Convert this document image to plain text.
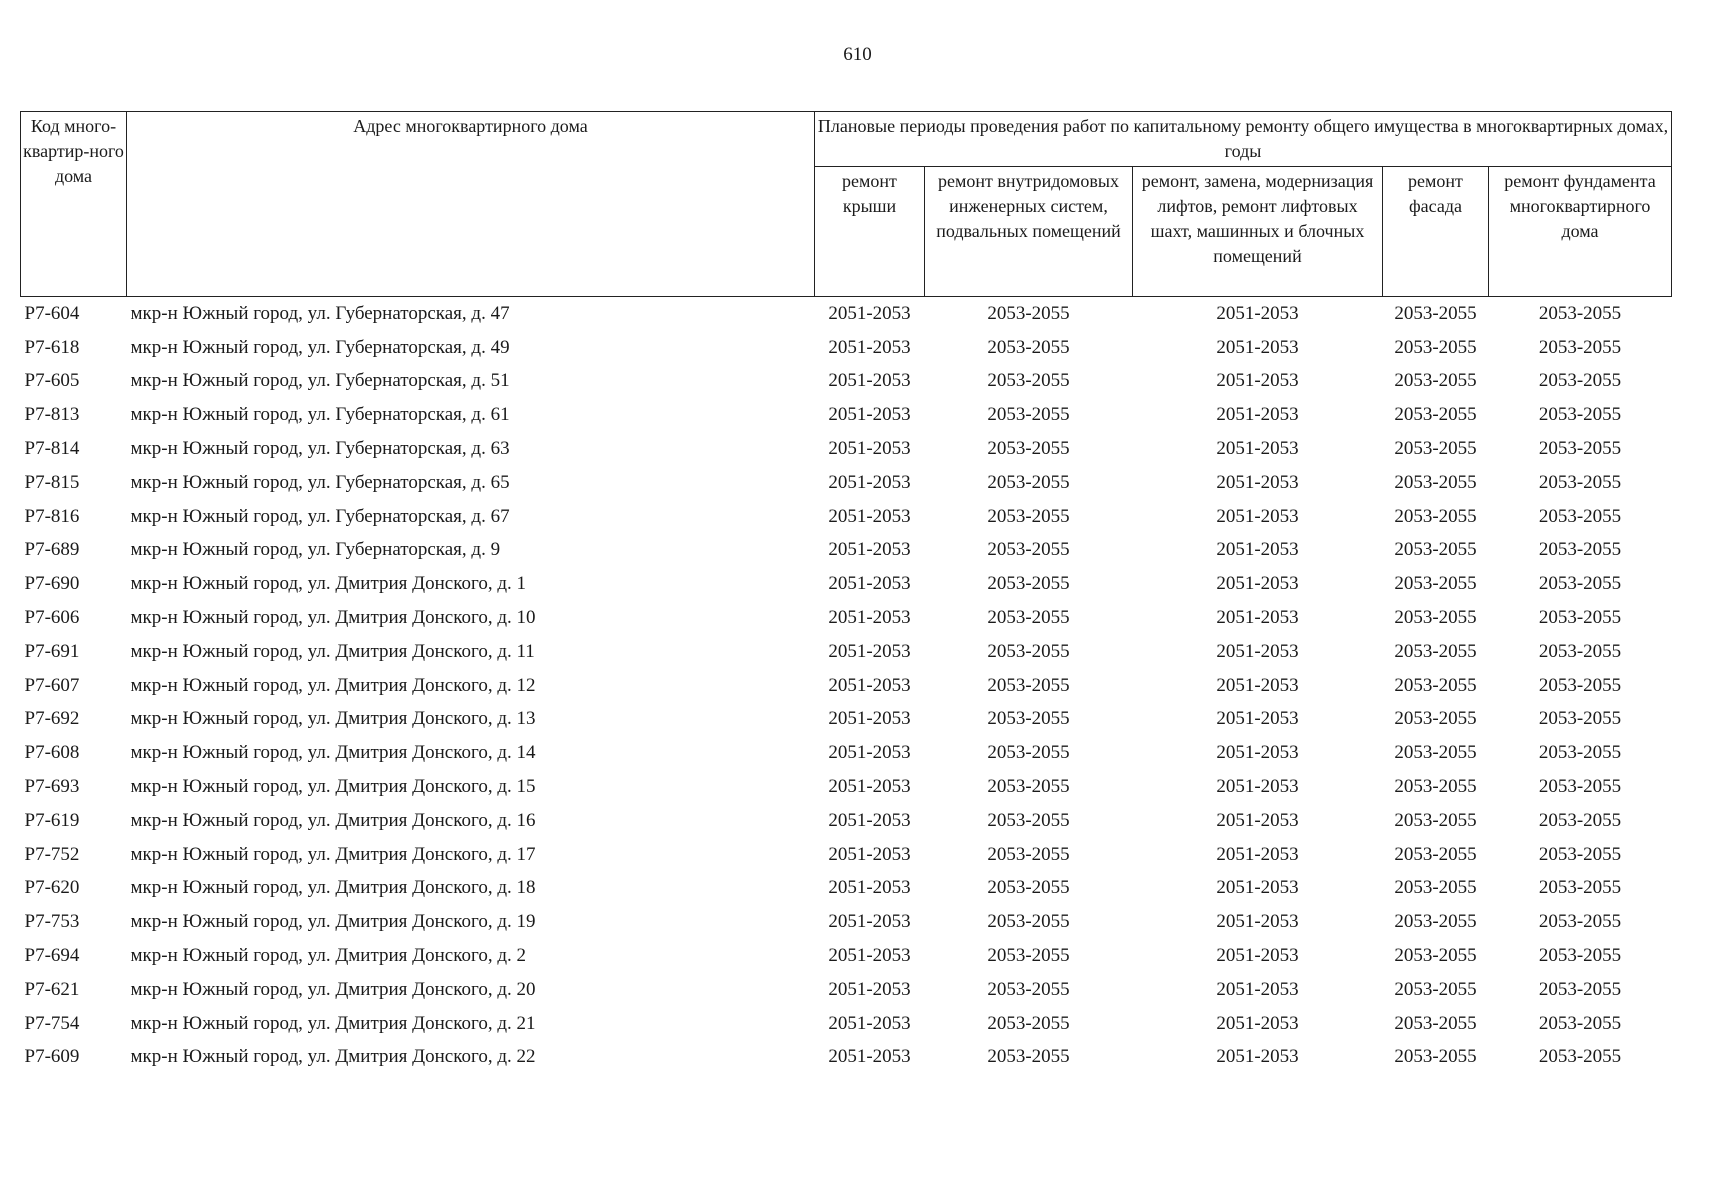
610
Код много-квартир-ного дома	Адрес многоквартирного дома	Плановые периоды проведения работ по капитальному ремонту общего имущества в многоквартирных домах, годы				
		ремонт крыши	ремонт внутридомовых инженерных систем, подвальных помещений	ремонт, замена, модернизация лифтов, ремонт лифтовых шахт, машинных и блочных помещений	ремонт фасада	ремонт фундамента многоквартирного дома
Р7-604	мкр-н Южный город, ул. Губернаторская, д. 47	2051-2053	2053-2055	2051-2053	2053-2055	2053-2055
Р7-618	мкр-н Южный город, ул. Губернаторская, д. 49	2051-2053	2053-2055	2051-2053	2053-2055	2053-2055
Р7-605	мкр-н Южный город, ул. Губернаторская, д. 51	2051-2053	2053-2055	2051-2053	2053-2055	2053-2055
Р7-813	мкр-н Южный город, ул. Губернаторская, д. 61	2051-2053	2053-2055	2051-2053	2053-2055	2053-2055
Р7-814	мкр-н Южный город, ул. Губернаторская, д. 63	2051-2053	2053-2055	2051-2053	2053-2055	2053-2055
Р7-815	мкр-н Южный город, ул. Губернаторская, д. 65	2051-2053	2053-2055	2051-2053	2053-2055	2053-2055
Р7-816	мкр-н Южный город, ул. Губернаторская, д. 67	2051-2053	2053-2055	2051-2053	2053-2055	2053-2055
Р7-689	мкр-н Южный город, ул. Губернаторская, д. 9	2051-2053	2053-2055	2051-2053	2053-2055	2053-2055
Р7-690	мкр-н Южный город, ул. Дмитрия Донского, д. 1	2051-2053	2053-2055	2051-2053	2053-2055	2053-2055
Р7-606	мкр-н Южный город, ул. Дмитрия Донского, д. 10	2051-2053	2053-2055	2051-2053	2053-2055	2053-2055
Р7-691	мкр-н Южный город, ул. Дмитрия Донского, д. 11	2051-2053	2053-2055	2051-2053	2053-2055	2053-2055
Р7-607	мкр-н Южный город, ул. Дмитрия Донского, д. 12	2051-2053	2053-2055	2051-2053	2053-2055	2053-2055
Р7-692	мкр-н Южный город, ул. Дмитрия Донского, д. 13	2051-2053	2053-2055	2051-2053	2053-2055	2053-2055
Р7-608	мкр-н Южный город, ул. Дмитрия Донского, д. 14	2051-2053	2053-2055	2051-2053	2053-2055	2053-2055
Р7-693	мкр-н Южный город, ул. Дмитрия Донского, д. 15	2051-2053	2053-2055	2051-2053	2053-2055	2053-2055
Р7-619	мкр-н Южный город, ул. Дмитрия Донского, д. 16	2051-2053	2053-2055	2051-2053	2053-2055	2053-2055
Р7-752	мкр-н Южный город, ул. Дмитрия Донского, д. 17	2051-2053	2053-2055	2051-2053	2053-2055	2053-2055
Р7-620	мкр-н Южный город, ул. Дмитрия Донского, д. 18	2051-2053	2053-2055	2051-2053	2053-2055	2053-2055
Р7-753	мкр-н Южный город, ул. Дмитрия Донского, д. 19	2051-2053	2053-2055	2051-2053	2053-2055	2053-2055
Р7-694	мкр-н Южный город, ул. Дмитрия Донского, д. 2	2051-2053	2053-2055	2051-2053	2053-2055	2053-2055
Р7-621	мкр-н Южный город, ул. Дмитрия Донского, д. 20	2051-2053	2053-2055	2051-2053	2053-2055	2053-2055
Р7-754	мкр-н Южный город, ул. Дмитрия Донского, д. 21	2051-2053	2053-2055	2051-2053	2053-2055	2053-2055
Р7-609	мкр-н Южный город, ул. Дмитрия Донского, д. 22	2051-2053	2053-2055	2051-2053	2053-2055	2053-2055
